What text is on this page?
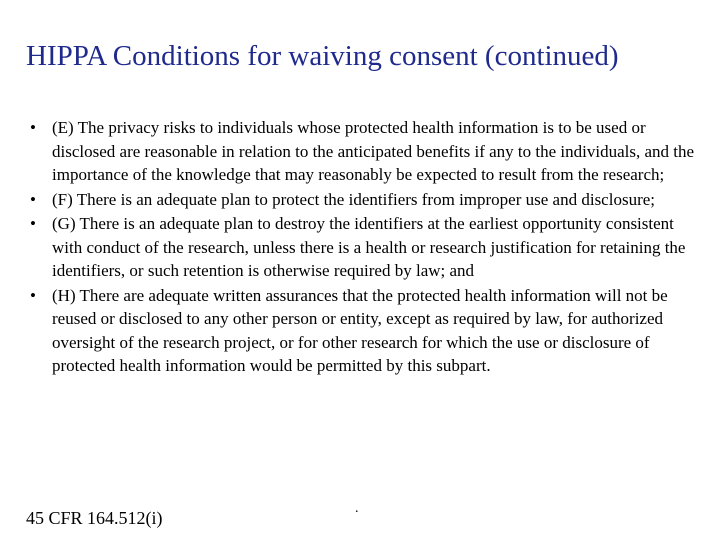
HIPPA Conditions for waiving consent (continued)
• (E) The privacy risks to individuals whose protected health information is to be used or disclosed are reasonable in relation to the anticipated benefits if any to the individuals, and the importance of the knowledge that may reasonably be expected to result from the research;
• (F) There is an adequate plan to protect the identifiers from improper use and disclosure;
• (G) There is an adequate plan to destroy the identifiers at the earliest opportunity consistent with conduct of the research, unless there is a health or research justification for retaining the identifiers, or such retention is otherwise required by law; and
• (H) There are adequate written assurances that the protected health information will not be reused or disclosed to any other person or entity, except as required by law, for authorized oversight of the research project, or for other research for which the use or disclosure of protected health information would be permitted by this subpart.
45 CFR 164.512(i)	.
